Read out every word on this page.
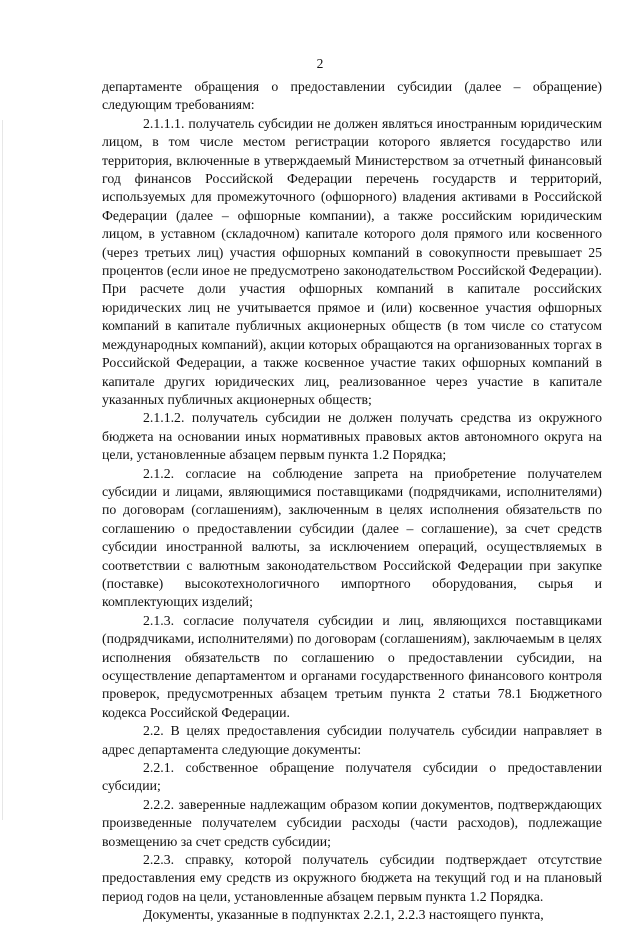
2

департаменте обращения о предоставлении субсидии (далее – обращение) следующим требованиям:

2.1.1.1. получатель субсидии не должен являться иностранным юридическим лицом, в том числе местом регистрации которого является государство или территория, включенные в утверждаемый Министерством за отчетный финансовый год финансов Российской Федерации перечень государств и территорий, используемых для промежуточного (офшорного) владения активами в Российской Федерации (далее – офшорные компании), а также российским юридическим лицом, в уставном (складочном) капитале которого доля прямого или косвенного (через третьих лиц) участия офшорных компаний в совокупности превышает 25 процентов (если иное не предусмотрено законодательством Российской Федерации). При расчете доли участия офшорных компаний в капитале российских юридических лиц не учитывается прямое и (или) косвенное участия офшорных компаний в капитале публичных акционерных обществ (в том числе со статусом международных компаний), акции которых обращаются на организованных торгах в Российской Федерации, а также косвенное участие таких офшорных компаний в капитале других юридических лиц, реализованное через участие в капитале указанных публичных акционерных обществ;

2.1.1.2. получатель субсидии не должен получать средства из окружного бюджета на основании иных нормативных правовых актов автономного округа на цели, установленные абзацем первым пункта 1.2 Порядка;

2.1.2. согласие на соблюдение запрета на приобретение получателем субсидии и лицами, являющимися поставщиками (подрядчиками, исполнителями) по договорам (соглашениям), заключенным в целях исполнения обязательств по соглашению о предоставлении субсидии (далее – соглашение), за счет средств субсидии иностранной валюты, за исключением операций, осуществляемых в соответствии с валютным законодательством Российской Федерации при закупке (поставке) высокотехнологичного импортного оборудования, сырья и комплектующих изделий;

2.1.3. согласие получателя субсидии и лиц, являющихся поставщиками (подрядчиками, исполнителями) по договорам (соглашениям), заключаемым в целях исполнения обязательств по соглашению о предоставлении субсидии, на осуществление департаментом и органами государственного финансового контроля проверок, предусмотренных абзацем третьим пункта 2 статьи 78.1 Бюджетного кодекса Российской Федерации.

2.2. В целях предоставления субсидии получатель субсидии направляет в адрес департамента следующие документы:

2.2.1. собственное обращение получателя субсидии о предоставлении субсидии;

2.2.2. заверенные надлежащим образом копии документов, подтверждающих произведенные получателем субсидии расходы (части расходов), подлежащие возмещению за счет средств субсидии;

2.2.3. справку, которой получатель субсидии подтверждает отсутствие предоставления ему средств из окружного бюджета на текущий год и на плановый период годов на цели, установленные абзацем первым пункта 1.2 Порядка.

Документы, указанные в подпунктах 2.2.1, 2.2.3 настоящего пункта,
